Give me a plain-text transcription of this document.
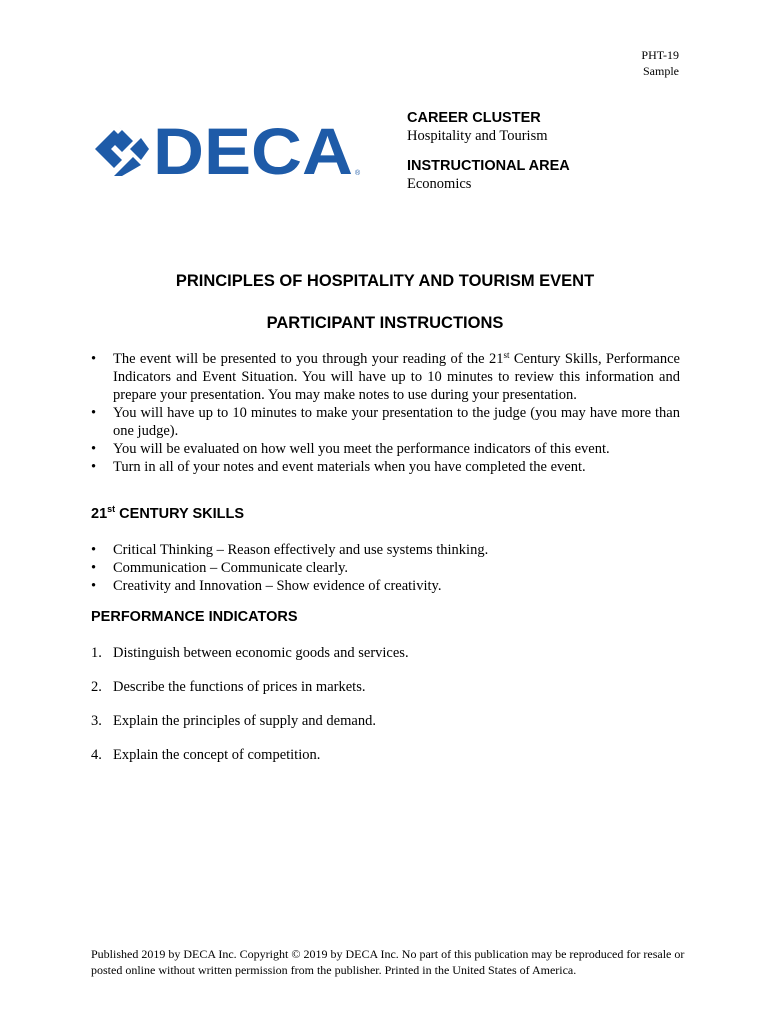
PHT-19
Sample
DECA ®
CAREER CLUSTER
Hospitality and Tourism
INSTRUCTIONAL AREA
Economics
PRINCIPLES OF HOSPITALITY AND TOURISM EVENT
PARTICIPANT INSTRUCTIONS
• The event will be presented to you through your reading of the 21st Century Skills, Performance Indicators and Event Situation. You will have up to 10 minutes to review this information and prepare your presentation. You may make notes to use during your presentation.
• You will have up to 10 minutes to make your presentation to the judge (you may have more than one judge).
• You will be evaluated on how well you meet the performance indicators of this event.
• Turn in all of your notes and event materials when you have completed the event.
21st CENTURY SKILLS
• Critical Thinking – Reason effectively and use systems thinking.
• Communication – Communicate clearly.
• Creativity and Innovation – Show evidence of creativity.
PERFORMANCE INDICATORS
1. Distinguish between economic goods and services.
2. Describe the functions of prices in markets.
3. Explain the principles of supply and demand.
4. Explain the concept of competition.
Published 2019 by DECA Inc. Copyright © 2019 by DECA Inc. No part of this publication may be reproduced for resale or posted online without written permission from the publisher. Printed in the United States of America.
